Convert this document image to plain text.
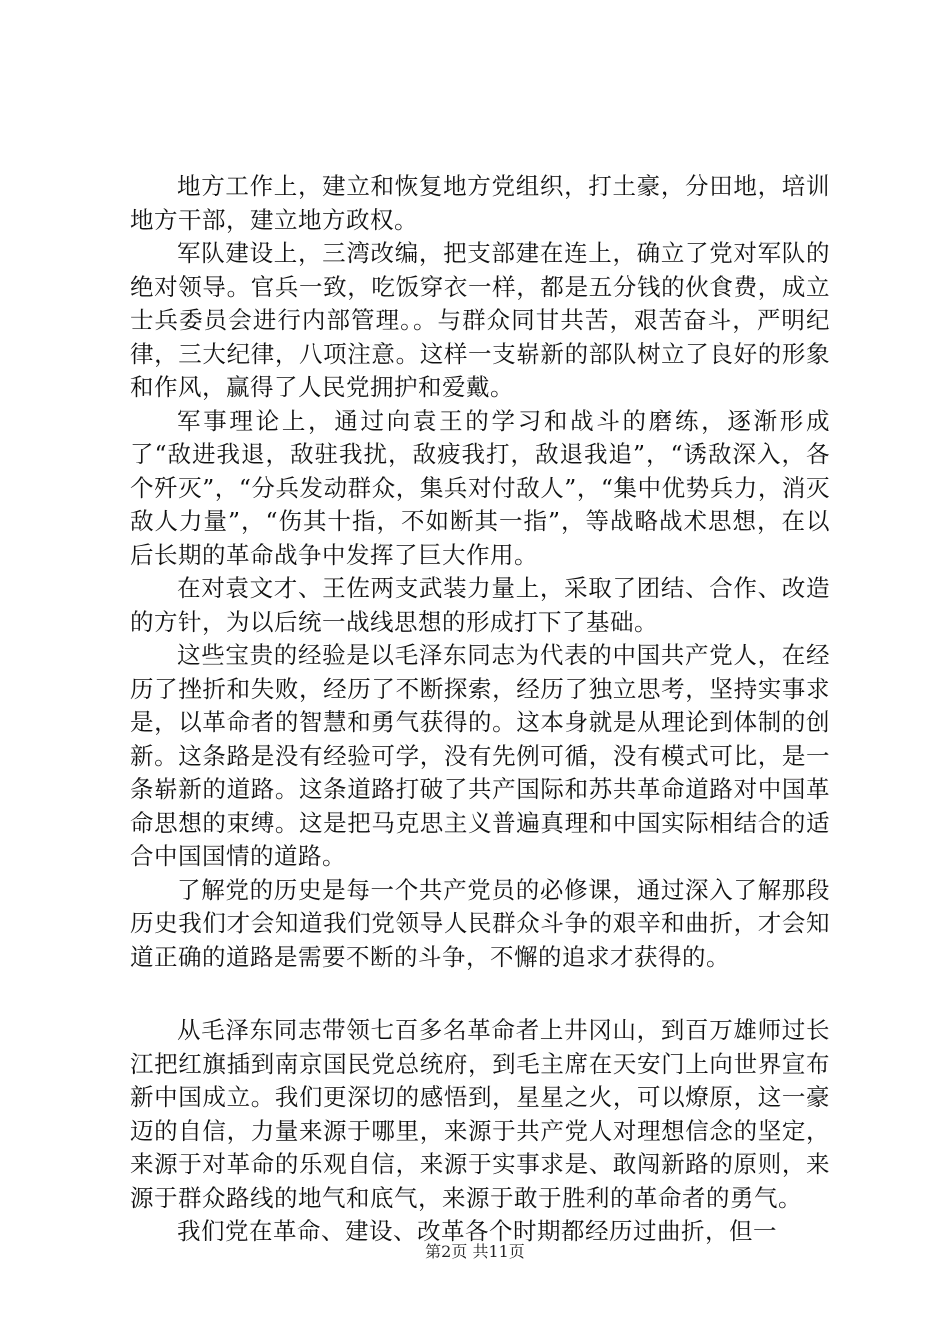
地方工作上，建立和恢复地方党组织，打土豪，分田地，培训地方干部，建立地方政权。

军队建设上，三湾改编，把支部建在连上，确立了党对军队的绝对领导。官兵一致，吃饭穿衣一样，都是五分钱的伙食费，成立士兵委员会进行内部管理。。与群众同甘共苦，艰苦奋斗，严明纪律，三大纪律，八项注意。这样一支崭新的部队树立了良好的形象和作风，赢得了人民党拥护和爱戴。

军事理论上，通过向袁王的学习和战斗的磨练，逐渐形成了“敌进我退，敌驻我扰，敌疲我打，敌退我追”，“诱敌深入，各个歼灭”，“分兵发动群众，集兵对付敌人”，“集中优势兵力，消灭敌人力量”，“伤其十指，不如断其一指”，等战略战术思想，在以后长期的革命战争中发挥了巨大作用。

在对袁文才、王佐两支武装力量上，采取了团结、合作、改造的方针，为以后统一战线思想的形成打下了基础。

这些宝贵的经验是以毛泽东同志为代表的中国共产党人，在经历了挫折和失败，经历了不断探索，经历了独立思考，坚持实事求是，以革命者的智慧和勇气获得的。这本身就是从理论到体制的创新。这条路是没有经验可学，没有先例可循，没有模式可比，是一条崭新的道路。这条道路打破了共产国际和苏共革命道路对中国革命思想的束缚。这是把马克思主义普遍真理和中国实际相结合的适合中国国情的道路。

了解党的历史是每一个共产党员的必修课，通过深入了解那段历史我们才会知道我们党领导人民群众斗争的艰辛和曲折，才会知道正确的道路是需要不断的斗争，不懈的追求才获得的。

从毛泽东同志带领七百多名革命者上井冈山，到百万雄师过长江把红旗插到南京国民党总统府，到毛主席在天安门上向世界宣布新中国成立。我们更深切的感悟到，星星之火，可以燎原，这一豪迈的自信，力量来源于哪里，来源于共产党人对理想信念的坚定，来源于对革命的乐观自信，来源于实事求是、敢闯新路的原则，来源于群众路线的地气和底气，来源于敢于胜利的革命者的勇气。

我们党在革命、建设、改革各个时期都经历过曲折，但一

第2页 共11页
